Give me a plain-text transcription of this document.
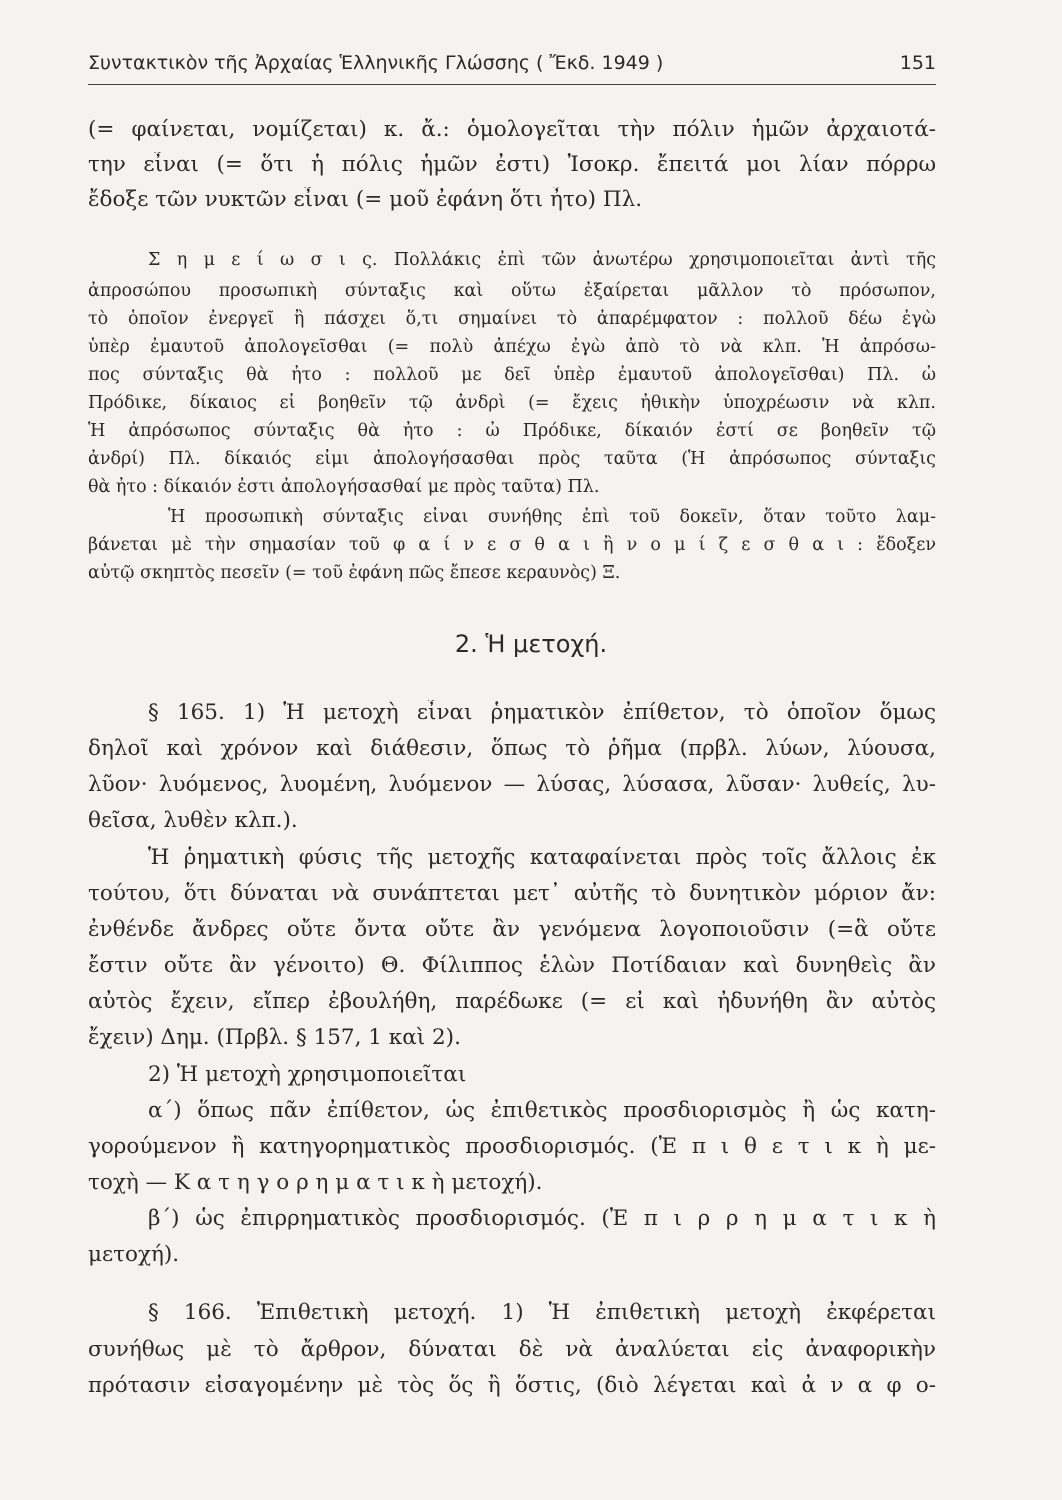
Συντακτικὸν τῆς Ἀρχαίας Ἑλληνικῆς Γλώσσης ( Ἔκδ. 1949 )	151
(= φαίνεται, νομίζεται) κ. ἄ.: ὁμολογεῖται τὴν πόλιν ἡμῶν ἀρχαιοτά-
την εἶναι (= ὅτι ἡ πόλις ἡμῶν ἐστι) Ἰσοκρ. ἔπειτά μοι λίαν πόρρω
ἔδοξε τῶν νυκτῶν εἶναι (= μοῦ ἐφάνη ὅτι ἦτο) Πλ.
Σ η μ ε ί ω σ ι ς. Πολλάκις ἐπὶ τῶν ἀνωτέρω χρησιμοποιεῖται ἀντὶ τῆς
ἀπροσώπου προσωπικὴ σύνταξις καὶ οὕτω ἐξαίρεται μᾶλλον τὸ πρόσωπον,
τὸ ὁποῖον ἐνεργεῖ ἢ πάσχει ὅ,τι σημαίνει τὸ ἀπαρέμφατον : πολλοῦ δέω ἐγὼ
ὑπὲρ ἐμαυτοῦ ἀπολογεῖσθαι (= πολὺ ἀπέχω ἐγὼ ἀπὸ τὸ νὰ κλπ. Ἡ ἀπρόσω-
πος σύνταξις θὰ ἦτο : πολλοῦ με δεῖ ὑπὲρ ἐμαυτοῦ ἀπολογεῖσθαι) Πλ. ὦ
Πρόδικε, δίκαιος εἶ βοηθεῖν τῷ ἀνδρὶ (= ἔχεις ἠθικὴν ὑποχρέωσιν νὰ κλπ.
Ἡ ἀπρόσωπος σύνταξις θὰ ἦτο : ὦ Πρόδικε, δίκαιόν ἐστί σε βοηθεῖν τῷ
ἀνδρί) Πλ. δίκαιός εἰμι ἀπολογήσασθαι πρὸς ταῦτα (Ἡ ἀπρόσωπος σύνταξις
θὰ ἦτο : δίκαιόν ἐστι ἀπολογήσασθαί με πρὸς ταῦτα) Πλ.
Ἡ προσωπικὴ σύνταξις εἶναι συνήθης ἐπὶ τοῦ δοκεῖν, ὅταν τοῦτο λαμ-
βάνεται μὲ τὴν σημασίαν τοῦ φ α ί ν ε σ θ α ι ἢ ν ο μ ί ζ ε σ θ α ι : ἔδοξεν
αὐτῷ σκηπτὸς πεσεῖν (= τοῦ ἐφάνη πῶς ἔπεσε κεραυνὸς) Ξ.
2. Ἡ μετοχή.
§ 165. 1) Ἡ μετοχὴ εἶναι ῥηματικὸν ἐπίθετον, τὸ ὁποῖον ὅμως
δηλοῖ καὶ χρόνον καὶ διάθεσιν, ὅπως τὸ ῥῆμα (πρβλ. λύων, λύουσα,
λῦον· λυόμενος, λυομένη, λυόμενον — λύσας, λύσασα, λῦσαν· λυθείς, λυ-
θεῖσα, λυθὲν κλπ.).
Ἡ ῥηματικὴ φύσις τῆς μετοχῆς καταφαίνεται πρὸς τοῖς ἄλλοις ἐκ
τούτου, ὅτι δύναται νὰ συνάπτεται μετ᾿ αὐτῆς τὸ δυνητικὸν μόριον ἄν:
ἐνθένδε ἄνδρες οὔτε ὄντα οὔτε ἂν γενόμενα λογοποιοῦσιν (=ἃ οὔτε
ἔστιν οὔτε ἂν γένοιτο) Θ. Φίλιππος ἑλὼν Ποτίδαιαν καὶ δυνηθεὶς ἂν
αὐτὸς ἔχειν, εἴπερ ἐβουλήθη, παρέδωκε (= εἰ καὶ ἠδυνήθη ἂν αὐτὸς
ἔχειν) Δημ. (Πρβλ. § 157, 1 καὶ 2).
2) Ἡ μετοχὴ χρησιμοποιεῖται
α΄) ὅπως πᾶν ἐπίθετον, ὡς ἐπιθετικὸς προσδιορισμὸς ἢ ὡς κατη-
γορούμενον ἢ κατηγορηματικὸς προσδιορισμός. (Ἐ π ι θ ε τ ι κ ὴ με-
τοχὴ — Κ α τ η γ ο ρ η μ α τ ι κ ὴ μετοχή).
β΄) ὡς ἐπιρρηματικὸς προσδιορισμός. (Ἐ π ι ρ ρ η μ α τ ι κ ὴ
μετοχή).
§ 166. Ἐπιθετικὴ μετοχή. 1) Ἡ ἐπιθετικὴ μετοχὴ ἐκφέρεται
συνήθως μὲ τὸ ἄρθρον, δύναται δὲ νὰ ἀναλύεται εἰς ἀναφορικὴν
πρότασιν εἰσαγομένην μὲ τὸς ὅς ἢ ὅστις, (διὸ λέγεται καὶ ἀ ν α φ ο-
